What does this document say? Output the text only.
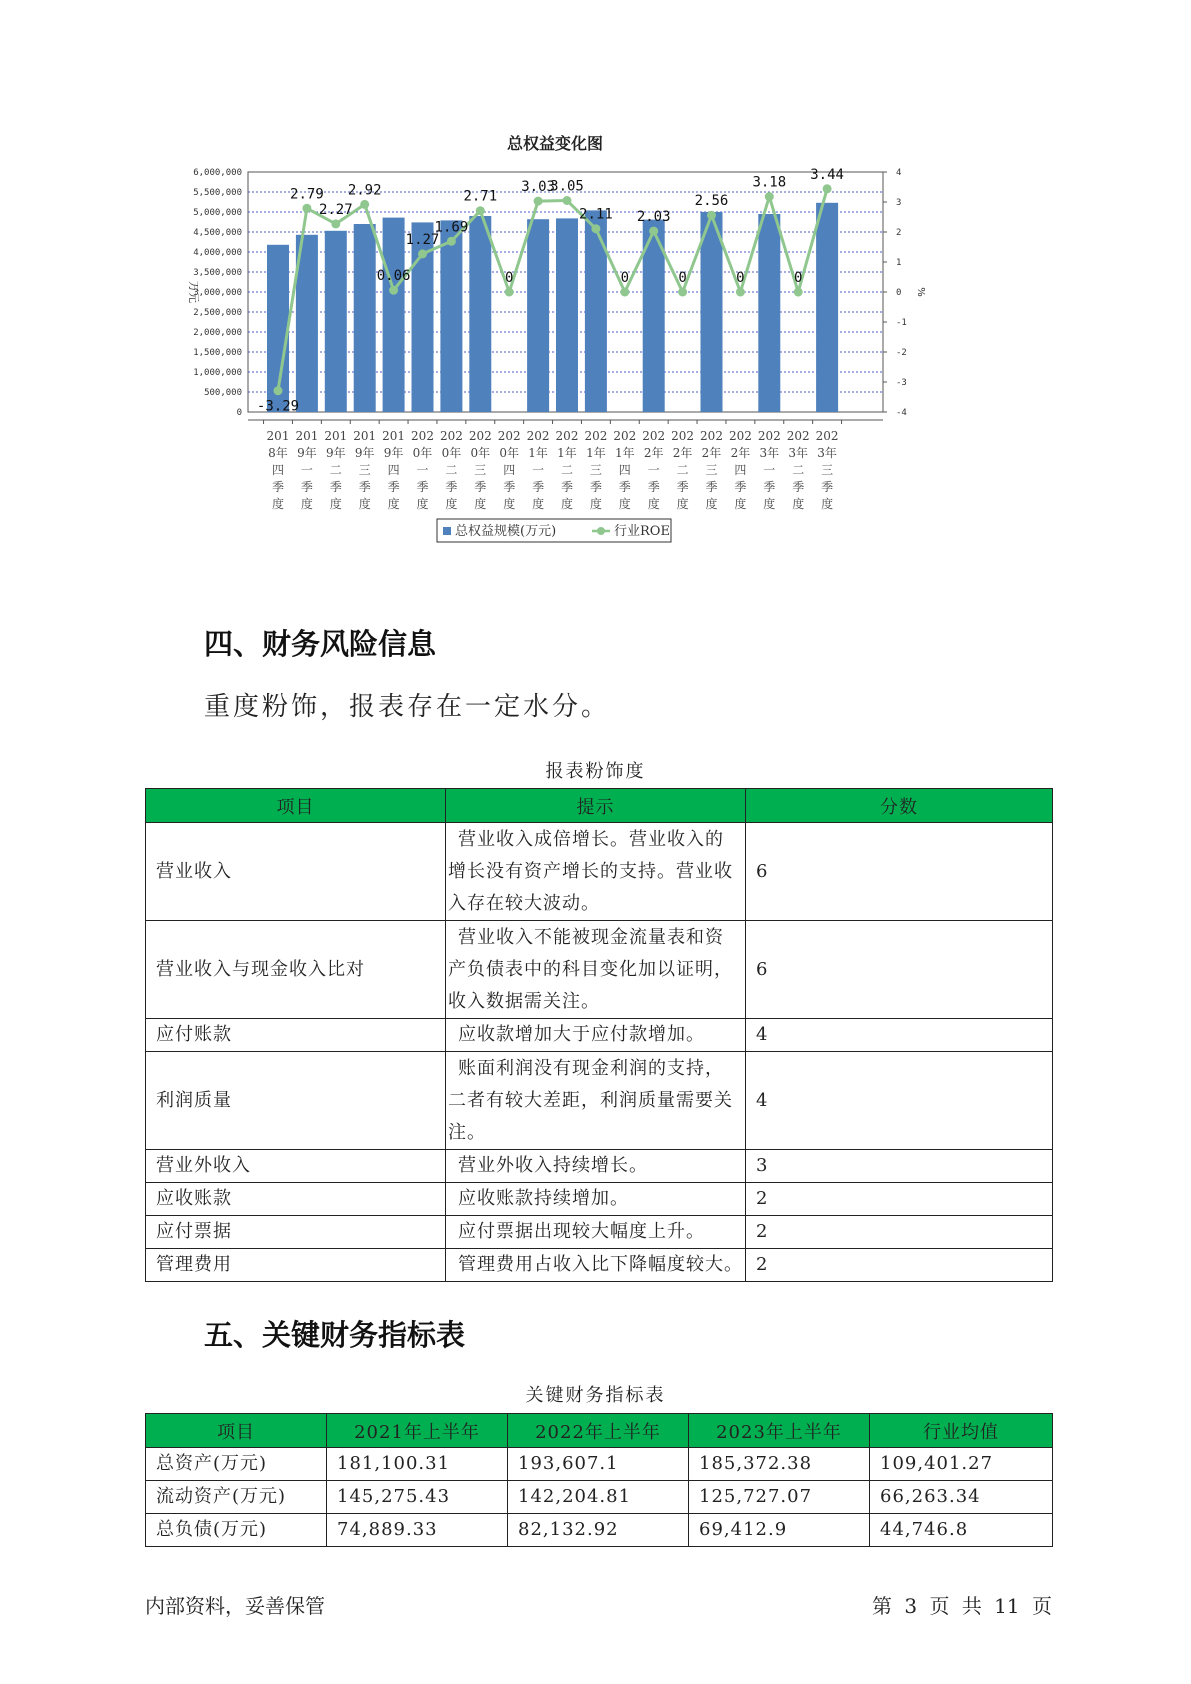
总权益变化图
0
500,000
1,000,000
1,500,000
2,000,000
2,500,000
3,000,000
3,500,000
4,000,000
4,500,000
5,000,000
5,500,000
6,000,000
-4
-3
-2
-1
0
1
2
3
4
万元	%
201 8年四季度
201 9年一季度
201 9年二季度
201 9年三季度
201 9年四季度
202 0年一季度
202 0年二季度
202 0年三季度
202 0年四季度
202 1年一季度
202 1年二季度
202 1年三季度
202 1年四季度
202 2年一季度
202 2年二季度
202 2年三季度
202 2年四季度
202 3年一季度
202 3年二季度
202 3年三季度
-3.29
2.79
2.27
2.92
0.06
1.27
1.69
2.71
0
3.03
3.05
2.11
0
2.03
0
2.56
0
3.18
0
3.44
总权益规模(万元)	行业ROE
四、财务风险信息

重度粉饰，报表存在一定水分。

报表粉饰度
项目	提示	分数
营业收入	营业收入成倍增长。营业收入的
增长没有资产增长的支持。营业收
入存在较大波动。	6
营业收入与现金收入比对	营业收入不能被现金流量表和资
产负债表中的科目变化加以证明，
收入数据需关注。	6
应付账款	应收款增加大于应付款增加。	4
利润质量	账面利润没有现金利润的支持，
二者有较大差距，利润质量需要关
注。	4
营业外收入	营业外收入持续增长。	3
应收账款	应收账款持续增加。	2
应付票据	应付票据出现较大幅度上升。	2
管理费用	管理费用占收入比下降幅度较大。	2
五、关键财务指标表
关键财务指标表
项目	2021年上半年	2022年上半年	2023年上半年	行业均值
总资产(万元)	181,100.31	193,607.1	185,372.38	109,401.27
流动资产(万元)	145,275.43	142,204.81	125,727.07	66,263.34
总负债(万元)	74,889.33	82,132.92	69,412.9	44,746.8
内部资料，妥善保管	第 3 页 共 11 页
